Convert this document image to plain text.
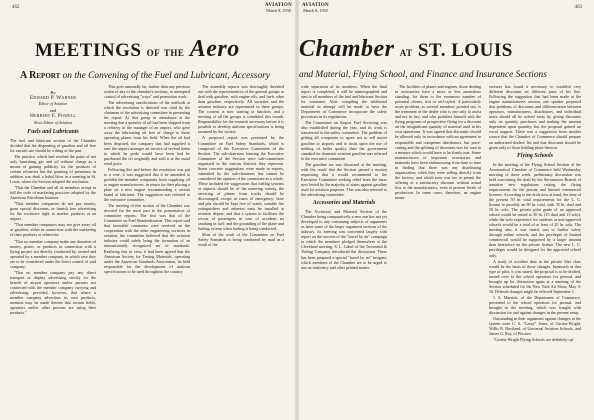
462	AVIATION
March 8, 1930
MEETINGS of the Aero
A Report on the Convening of the Fuel and Lubricant, Accessory
By
Edward P. Warner
Editor of Aviation
and
Herbert F. Powell
News Editor of Aviation
Fuels and Lubricants

The fuel and lubricant section of the Chamber decided that the dispensing of gasoline and oil free for aircraft use should be a thing of the past.

The practice, which had reached the point of not only furnishing gas and oil without charge as a means of gaining publicity for the products of certain refineries but the granting of premiums in addition was dealt a lethal blow in a meeting in St. Louis, where the Section adopted the resolution:

"That the Chamber and all its members accept in full the code of marketing practices adopted by the American Petroleum Institute.

"That member companies do not pay money, grant special discounts, or furnish free advertising for the exclusive right to market products at an airport.

"That member companies may not give away oil or gasoline, either in connection with the marketing of their products or otherwise.

"That no member company make any donation of money, prizes, or products in connection with a flying project not directly conducted by, owned and operated by a member company, in which case they are to be considered under the direct control of said company.

"That no member company pay any direct transport or display advertising strictly for the benefit of airport operators and/or persons not connected with the member company carrying and advertising, provided, however, that where a member company advertises its own products, mention may be made therein that certain fields, operators and/or other persons are using their products."

This goes unusually far, further than any previous action of any of the chamber's sections, in attempted control of advertising "ways" and promotion work.

The advertising ramifications of the methods at which the resolution is directed was cited by the chairman of the advertising committee in presenting his report. At that group in attendance at the meeting that a quantity of oil had been shipped from a refinery to the manager of an airport, who gave away the lubricating oil free of charge to those operating planes from his field. When the oil had been disposed, the company that had supplied it sent the airport manager an invoice of several items to which he pride would have been had he purchased the oil originally and sold it at the usual retail price.

Following this and before the resolution was put to a vote, it was suggested that it be amended to prohibit the member companies from supplying oil to engine manufacturers, in return for their placing a plate on a new engine recommending a certain brand of lubricant. The suggestion was referred to the executive committee.

The meeting of this section of the Chamber was devoted for the most part to the presentation of committee reports. The first was that of the Committee on Fuel Standardization. This report said that favorable comments were received on the cooperation with the other engineering societies in aviation, the committee believed that the aviation industry could safely bring the formation of an internationally recognized set of standards. Realizing this in view, it had been agreed that the American Society for Testing Materials, operating under the American Standards Association, be held responsible for the development of uniform specifications to be used throughout the country.

The assembly reports was thoroughly threshed out with the representatives of the general groups to deal with gasoline, with engine oils, and fuels other than gasoline, respectively. All societies and the aviation industry are represented in these groups. The consent is now starting to function, and a meeting of all the groups is scheduled this month. Responsibility for the research necessary before it is possible to develop uniform specifications is being assumed by the society.

A proposed report was presented by the Committee on Fuel Safety Standards, which is composed of the Executive Committee of the Section. The sub-chairmen forming the Executive Committee of the Section were sub-committees organized in the various districts they represent. Some concrete suggestions were made in reports, submitted by the sub-chairmen, but cannot be considered the opinion of the committee as a whole. These included the suggestions that fueling systems at airports should be of the metering variety, the servicing of planes from trucks should be discouraged, except in cases of emergency; hose and pits should be kept free of water; suitable fire extinguishers and asbestos mats be installed at aviation depots; and that a system to facilitate the rescue of passengers in case of accident; no smoking in fuel; and the grounding of the plane and fueling system when fueling is being conducted.

Most of the work of the Committee on Fuel Safety Standards is being conducted by mail as a result of the

463
AVIATION
March 8, 1930
Chamber at ST. LOUIS
and Material, Flying School, and Finance and Insurance Sections

wide separation of its members. When the final report is completed, it will be mimeographed and sent to all members of the fuel and lubricant Section for comment. After compiling the additional material as attempt will be made to have the Department of Commerce incorporate the safety provisions in its regulations.

The Committee on Airport Fuel Servicing was also established during the year, and its work is transferred to the safety committee. The problem of getting all companies to agree not to sell motor gasoline to airports and to insist upon the use of nothing of better quality than the government standard for domestic aviation gasoline was referred to the executive committee.

The gasoline tax was discussed at the meeting, with the result that the Section passed a motion requesting that it would recommend to the Executive Committee seeking relief from the taxes now levied by the majority of states against gasoline used for aviation purposes. This was also referred to the advertising committee.

Accessories and Materials

The Accessory and Material Section of the Chamber being comparatively a new one has not yet developed to any continuing subjects of arguments as have some of the larger organized sections of the industry. Its meeting was concerned largely with report on the success of the "travel by air" campaign to which the members pledged themselves at the Cleveland meeting. S. L. Gabel of the Townsend & Tinling Company introduced the discussion. There has been prepared a special "travel by air" insignia, which members of the Chamber are to be urged to use on stationery and other printed matter.

The facilities of planes and engines, those dealing in accessories have a more or less anomalous standing, for them to the enormous number of potential clients, real or self-styled. A particularly acute problem, as several members pointed out, is the treatment of the dealer who is one only to assist and not in fact, and who prohibits himself with the flying programs of prospective flying for a discount on the insignificant quantity of material used in his own operations. It was agreed that discounts should be allowed only in accordance with an agreement to responsible and competent distributors, but price-cutting and the splitting of discounts was for sure to a menace which would have to be firmly met. Some manufacturers of important accessories and materials have been embarrassing from time to time in finding that there was any distributing organization, when they were selling directly from the factory; and which men was too to permit the offering of a satisfactory discount without actual loss to the manufacturers, even at present levels of production. In some cases, therefore, an engine manu-

facturer has found it necessary to establish very different discounts on different parts of his line. Following the suggestion that had been made at the engine manufacturers session, one speaker proposed that problems of discounts and differentiation between operators, manufacturers, distributors, and individual users should all be solved away by giving discounts only on quantity purchases and making the amount dependent upon quantity; but the proposal gained no vocal support. There was a suggestion from another source that the Chamber of Commerce should prepare an authorized dealers' list and that discounts should be given only to those holding place thereon.

Flying Schools

In the meeting of the Flying School Section of the Aeronautical Chamber of Commerce held Wednesday morning of these week, preliminary discussion was held concerning the draft by the Aeronautics Branch of tentative new regulations raising the flying requirements for the private and limited commercial licenses. According to the draft now at hand, the time of the present 50 hr. total requirements for the L. C. license to possibly an 80 hr. total, with 35 hr. dual and 50 hr. solo. The private pilot grade of an approved school would be raised to 50 hr. (15 dual and 15 solo), while the solo experience for students at non-approved schools would be a total of at least of 25 hr. solo. The meeting also, it was stated, was to further safety through airline schools, and the privileges of limited commercial would be supported by a larger amount than heretofore on the private license. The new L. C. privileges would be designed for the approved school only.

A study of accident data in the private flier class would be the basis of these changes. Inasmuch as that type of pilot, it was stated, the proposal is to be drafted, turned over to the school operators for perusal, and brought up for discussion again at a meeting of the Section scheduled for the New York Air Show, May 3-16. Definite changes might be effected September 1.

J. S. Marriott, of the Department of Commerce, presented to the school operators for perusal, and brought in the meeting, which was fraught with discussion for and against changes in the present setup.

Outstanding in their arguments against changes in the system were C. S. "Casey" Jones, of Curtiss-Wright, Willis B. Haviland, of Universal Aviation Schools, and James G. Ray, of Pitcairn.

"Curtiss-Wright Flying Schools are definitely op-
